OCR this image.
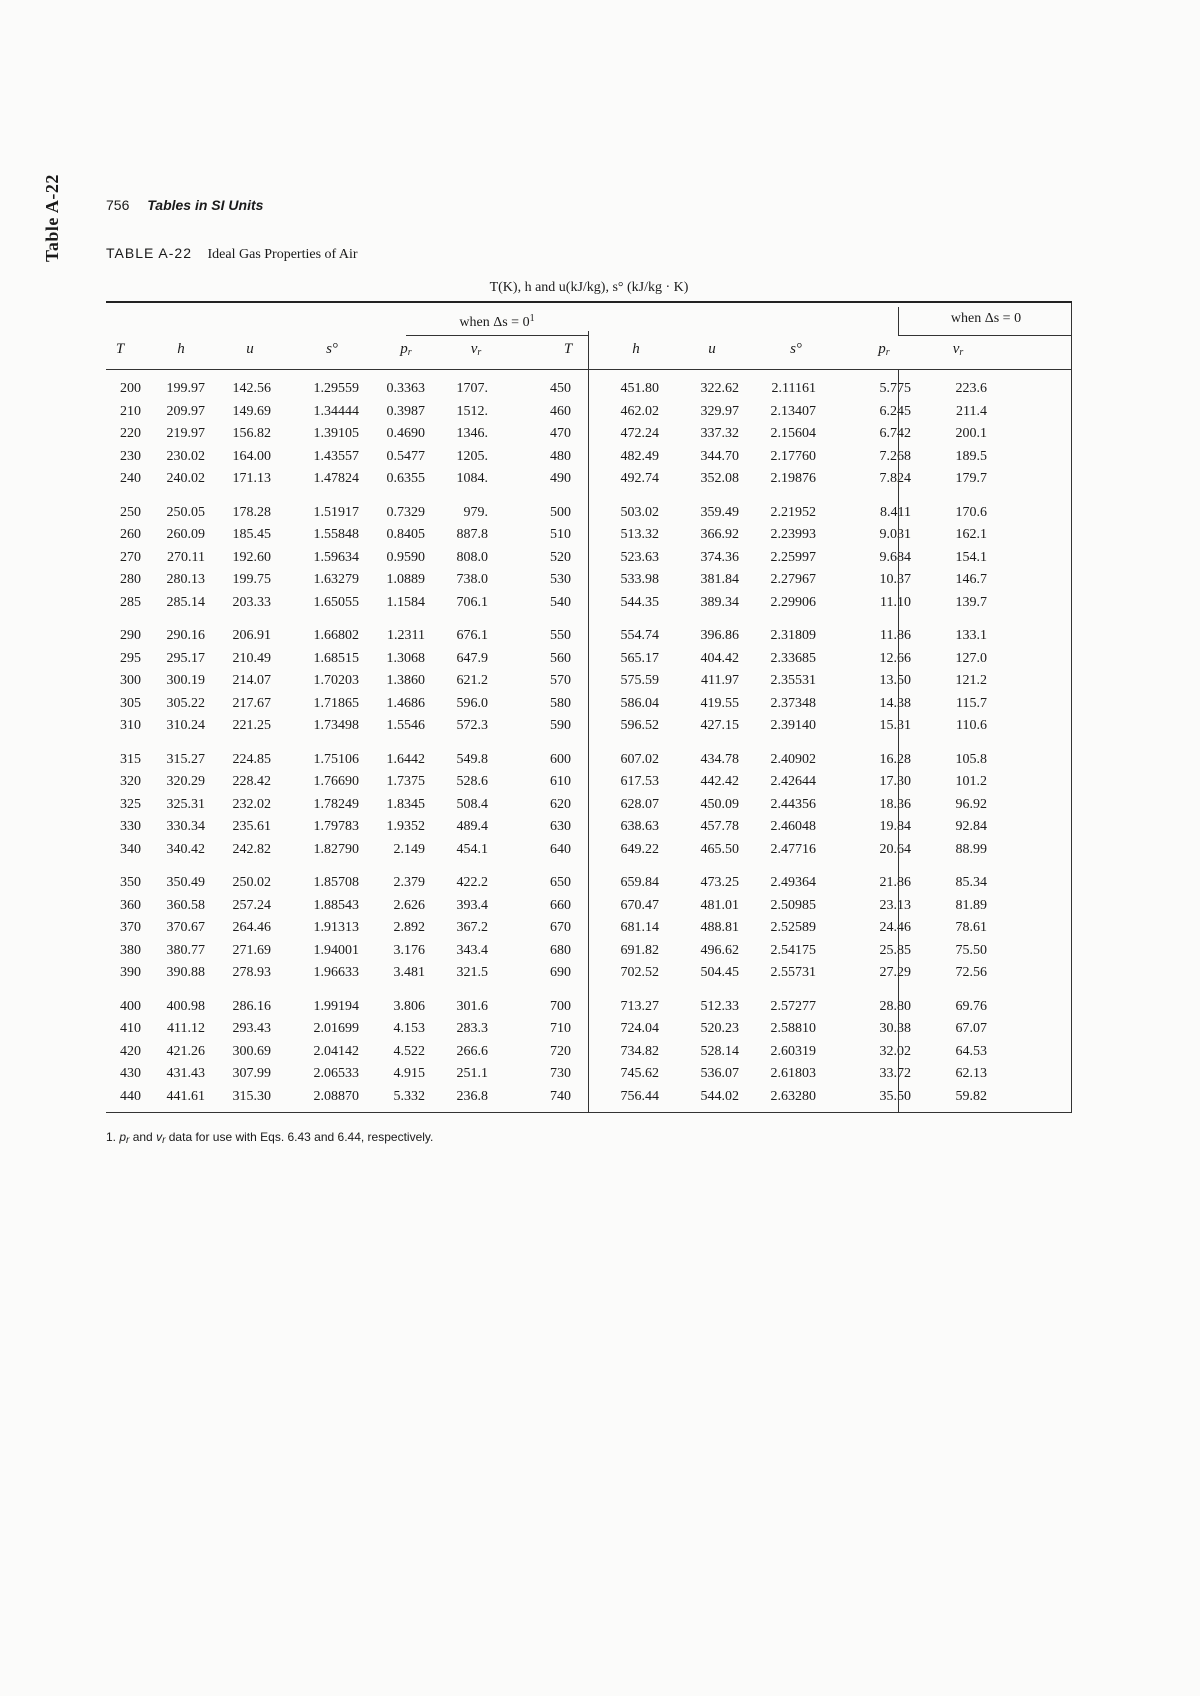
Table A-22	756 Tables in SI Units
TABLE A-22 Ideal Gas Properties of Air
T(K), h and u(kJ/kg), s° (kJ/kg · K)
when $\Delta s = 0^1$	when Δs = 0
T	h	u	s°	$p_r$	$v_r$	T	h	u	s°	$p_r$	$v_r$
200 199.97 142.56	1.29559 0.3363 1707.	450	451.80	322.62 2.11161	5.775	223.6
210 209.97 149.69	1.34444 0.3987 1512.	460	462.02	329.97 2.13407	6.245	211.4
220 219.97 156.82	1.39105 0.4690 1346.	470	472.24	337.32 2.15604	6.742	200.1
230 230.02 164.00	1.43557 0.5477 1205.	480	482.49	344.70 2.17760	7.268	189.5
240 240.02 171.13	1.47824 0.6355 1084.	490	492.74	352.08 2.19876	7.824	179.7
250 250.05 178.28	1.51917 0.7329	979.	500	503.02	359.49 2.21952	8.411	170.6
260 260.09 185.45	1.55848 0.8405 887.8	510	513.32	366.92 2.23993	9.031	162.1
270 270.11 192.60	1.59634 0.9590 808.0	520	523.63	374.36 2.25997	9.684	154.1
280 280.13 199.75	1.63279 1.0889 738.0	530	533.98	381.84 2.27967	10.37	146.7
285 285.14 203.33	1.65055 1.1584 706.1	540	544.35	389.34 2.29906	11.10	139.7
290 290.16 206.91	1.66802 1.2311 676.1	550	554.74	396.86 2.31809	11.86	133.1
295 295.17 210.49	1.68515 1.3068 647.9	560	565.17	404.42 2.33685	12.66	127.0
300 300.19 214.07	1.70203 1.3860 621.2	570	575.59	411.97 2.35531	13.50	121.2
305 305.22 217.67	1.71865 1.4686 596.0	580	586.04	419.55 2.37348	14.38	115.7
310 310.24 221.25	1.73498 1.5546 572.3	590	596.52	427.15 2.39140	15.31	110.6
315 315.27 224.85	1.75106 1.6442 549.8	600	607.02	434.78 2.40902	16.28	105.8
320 320.29 228.42	1.76690 1.7375 528.6	610	617.53	442.42 2.42644	17.30	101.2
325 325.31 232.02	1.78249 1.8345 508.4	620	628.07	450.09 2.44356	18.36	96.92
330 330.34 235.61	1.79783 1.9352 489.4	630	638.63	457.78 2.46048	19.84	92.84
340 340.42 242.82	1.82790 2.149 454.1	640	649.22	465.50 2.47716	20.64	88.99
350 350.49 250.02	1.85708 2.379 422.2	650	659.84	473.25 2.49364	21.86	85.34
360 360.58 257.24	1.88543 2.626 393.4	660	670.47	481.01 2.50985	23.13	81.89
370 370.67 264.46	1.91313 2.892 367.2	670	681.14	488.81 2.52589	24.46	78.61
380 380.77 271.69	1.94001 3.176 343.4	680	691.82	496.62 2.54175	25.85	75.50
390 390.88 278.93	1.96633 3.481 321.5	690	702.52	504.45 2.55731	27.29	72.56
400 400.98 286.16	1.99194 3.806 301.6	700	713.27	512.33 2.57277	28.80	69.76
410 411.12 293.43	2.01699 4.153 283.3	710	724.04	520.23 2.58810	30.38	67.07
420 421.26 300.69	2.04142 4.522 266.6	720	734.82	528.14 2.60319	32.02	64.53
430 431.43 307.99	2.06533 4.915 251.1	730	745.62	536.07 2.61803	33.72	62.13
440 441.61 315.30	2.08870 5.332 236.8	740	756.44	544.02 2.63280	35.50	59.82
1. $p_r$ and $v_r$ data for use with Eqs. 6.43 and 6.44, respectively.
